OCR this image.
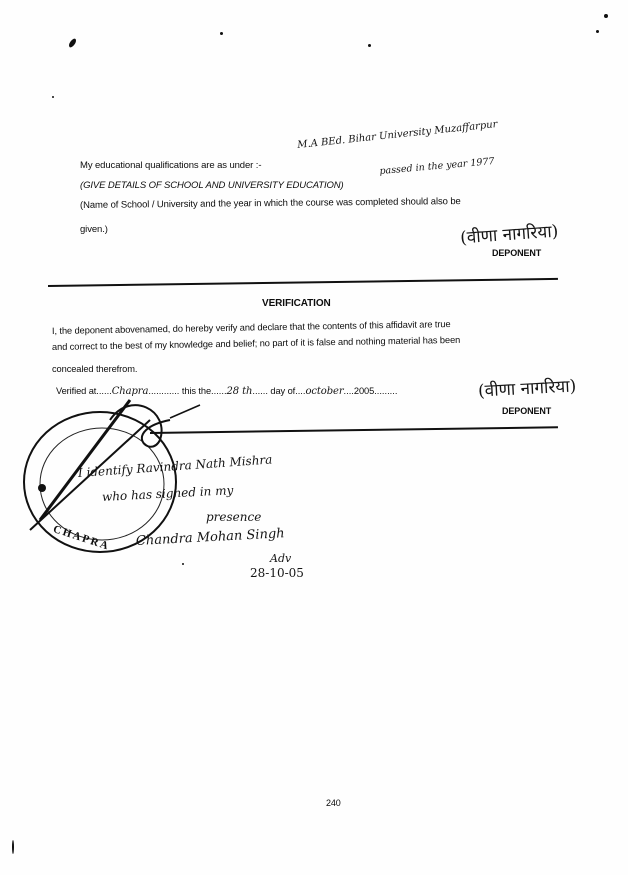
My educational qualifications are as under :-
M.A BEd. Bihar University Muzaffarpur
passed in the year 1977
(GIVE DETAILS OF SCHOOL AND UNIVERSITY EDUCATION)
(Name of School / University and the year in which the course was completed should also be
given.)	(वीणा नागरिया)
DEPONENT
VERIFICATION
I, the deponent abovenamed, do hereby verify and declare that the contents of this affidavit are true
and correct to the best of my knowledge and belief; no part of it is false and nothing material has been
concealed therefrom.
Verified at......Chapra............ this the......28 th...... day of....october....2005.........	(वीणा नागरिया)
DEPONENT
CHAPRA
I identify Ravindra Nath Mishra
who has signed in my
presence
Chandra Mohan Singh
Adv
28-10-05
240
